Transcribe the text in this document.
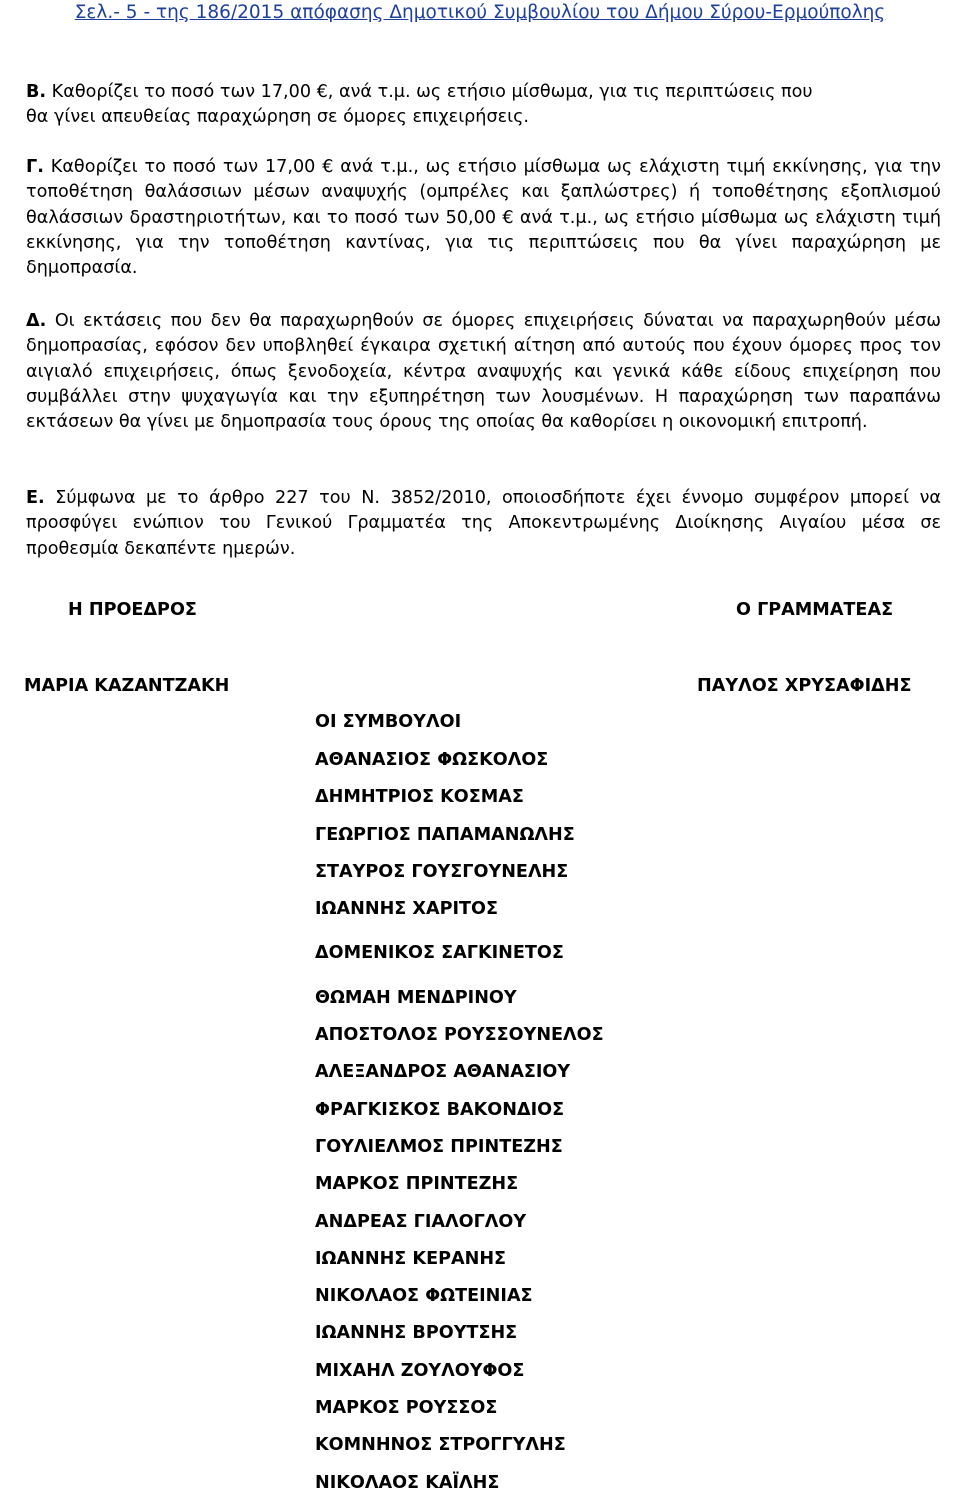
Σελ.- 5 - της 186/2015 απόφασης Δημοτικού Συμβουλίου του Δήμου Σύρου-Ερμούπολης
Β. Καθορίζει το ποσό των 17,00 €, ανά τ.μ. ως ετήσιο μίσθωμα, για τις περιπτώσεις που
θα γίνει απευθείας παραχώρηση σε όμορες επιχειρήσεις.
Γ. Καθορίζει το ποσό των 17,00 € ανά τ.μ., ως ετήσιο μίσθωμα ως ελάχιστη τιμή εκκίνησης, για την τοποθέτηση θαλάσσιων μέσων αναψυχής (ομπρέλες και ξαπλώστρες) ή τοποθέτησης εξοπλισμού θαλάσσιων δραστηριοτήτων, και το ποσό των 50,00 € ανά τ.μ., ως ετήσιο μίσθωμα ως ελάχιστη τιμή εκκίνησης, για την τοποθέτηση καντίνας, για τις περιπτώσεις που θα γίνει παραχώρηση με δημοπρασία.
Δ. Οι εκτάσεις που δεν θα παραχωρηθούν σε όμορες επιχειρήσεις δύναται να παραχωρηθούν μέσω δημοπρασίας, εφόσον δεν υποβληθεί έγκαιρα σχετική αίτηση από αυτούς που έχουν όμορες προς τον αιγιαλό επιχειρήσεις, όπως ξενοδοχεία, κέντρα αναψυχής και γενικά κάθε είδους επιχείρηση που συμβάλλει στην ψυχαγωγία και την εξυπηρέτηση των λουσμένων. Η παραχώρηση των παραπάνω εκτάσεων θα γίνει με δημοπρασία τους όρους της οποίας θα καθορίσει η οικονομική επιτροπή.
Ε. Σύμφωνα με το άρθρο 227 του Ν. 3852/2010, οποιοσδήποτε έχει έννομο συμφέρον μπορεί να προσφύγει ενώπιον του Γενικού Γραμματέα της Αποκεντρωμένης Διοίκησης Αιγαίου μέσα σε προθεσμία δεκαπέντε ημερών.
Η ΠΡΟΕΔΡΟΣ	Ο ΓΡΑΜΜΑΤΕΑΣ
ΜΑΡΙΑ ΚΑΖΑΝΤΖΑΚΗ	ΠΑΥΛΟΣ ΧΡΥΣΑΦΙΔΗΣ
ΟΙ ΣΥΜΒΟΥΛΟΙ
ΑΘΑΝΑΣΙΟΣ ΦΩΣΚΟΛΟΣ
ΔΗΜΗΤΡΙΟΣ ΚΟΣΜΑΣ
ΓΕΩΡΓΙΟΣ ΠΑΠΑΜΑΝΩΛΗΣ
ΣΤΑΥΡΟΣ ΓΟΥΣΓΟΥΝΕΛΗΣ
ΙΩΑΝΝΗΣ ΧΑΡΙΤΟΣ
ΔΟΜΕΝΙΚΟΣ ΣΑΓΚΙΝΕΤΟΣ
ΘΩΜΑΗ ΜΕΝΔΡΙΝΟΥ
ΑΠΟΣΤΟΛΟΣ ΡΟΥΣΣΟΥΝΕΛΟΣ
ΑΛΕΞΑΝΔΡΟΣ ΑΘΑΝΑΣΙΟΥ
ΦΡΑΓΚΙΣΚΟΣ ΒΑΚΟΝΔΙΟΣ
ΓΟΥΛΙΕΛΜΟΣ ΠΡΙΝΤΕΖΗΣ
ΜΑΡΚΟΣ ΠΡΙΝΤΕΖΗΣ
ΑΝΔΡΕΑΣ ΓΙΑΛΟΓΛΟΥ
ΙΩΑΝΝΗΣ ΚΕΡΑΝΗΣ
ΝΙΚΟΛΑΟΣ ΦΩΤΕΙΝΙΑΣ
ΙΩΑΝΝΗΣ ΒΡΟΥΤΣΗΣ
ΜΙΧΑΗΛ ΖΟΥΛΟΥΦΟΣ
ΜΑΡΚΟΣ ΡΟΥΣΣΟΣ
ΚΟΜΝΗΝΟΣ ΣΤΡΟΓΓΥΛΗΣ
ΝΙΚΟΛΑΟΣ ΚΑΪΛΗΣ
